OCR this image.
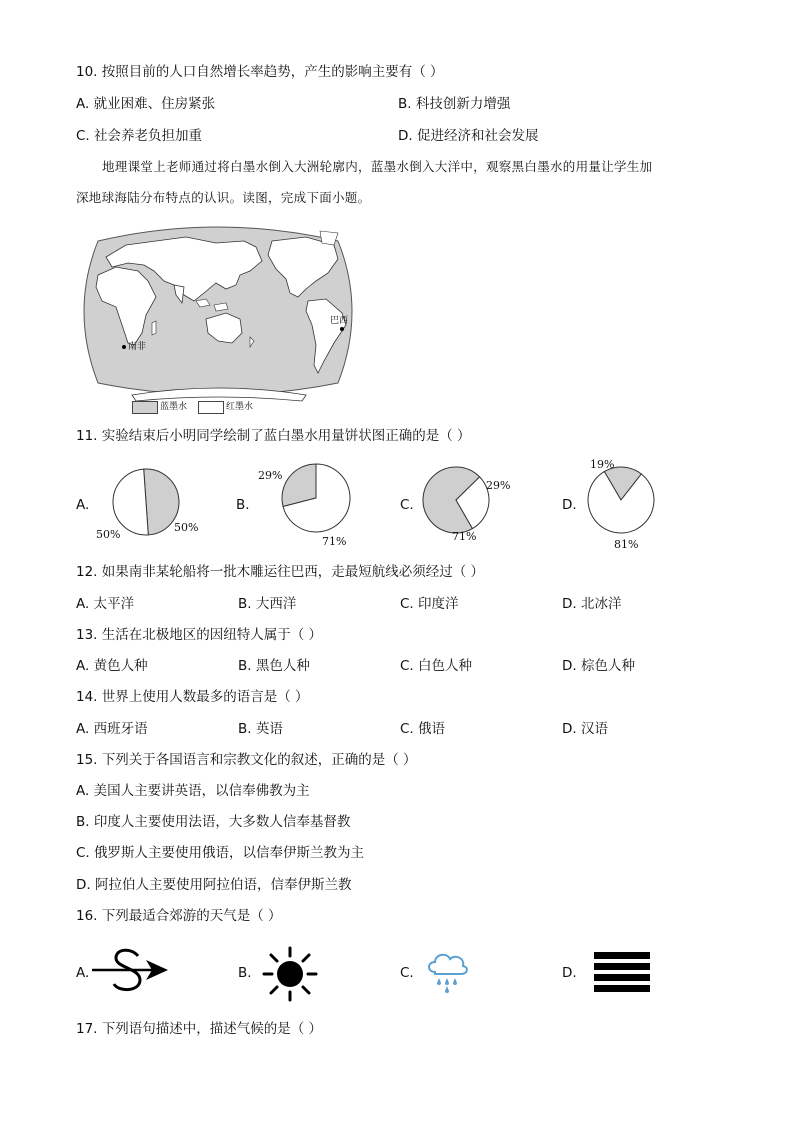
10. 按照目前的人口自然增长率趋势，产生的影响主要有（ ）
A. 就业困难、住房紧张	B. 科技创新力增强
C. 社会养老负担加重	D. 促进经济和社会发展
地理课堂上老师通过将白墨水倒入大洲轮廓内，蓝墨水倒入大洋中，观察黑白墨水的用量让学生加
深地球海陆分布特点的认识。读图，完成下面小题。
巴西
南非
蓝墨水	红墨水
11. 实验结束后小明同学绘制了蓝白墨水用量饼状图正确的是（ ）
A.	B.	C.	D.
50%
50%
29%
71%
29%
71%
19%
81%
12. 如果南非某轮船将一批木雕运往巴西，走最短航线必须经过（ ）
A. 太平洋	B. 大西洋	C. 印度洋	D. 北冰洋
13. 生活在北极地区的因纽特人属于（ ）
A. 黄色人种	B. 黑色人种	C. 白色人种	D. 棕色人种
14. 世界上使用人数最多的语言是（ ）
A. 西班牙语	B. 英语	C. 俄语	D. 汉语
15. 下列关于各国语言和宗教文化的叙述，正确的是（ ）
A. 美国人主要讲英语，以信奉佛教为主
B. 印度人主要使用法语，大多数人信奉基督教
C. 俄罗斯人主要使用俄语，以信奉伊斯兰教为主
D. 阿拉伯人主要使用阿拉伯语，信奉伊斯兰教
16. 下列最适合郊游的天气是（ ）
A.	B.	C.	D.
17. 下列语句描述中，描述气候的是（ ）
